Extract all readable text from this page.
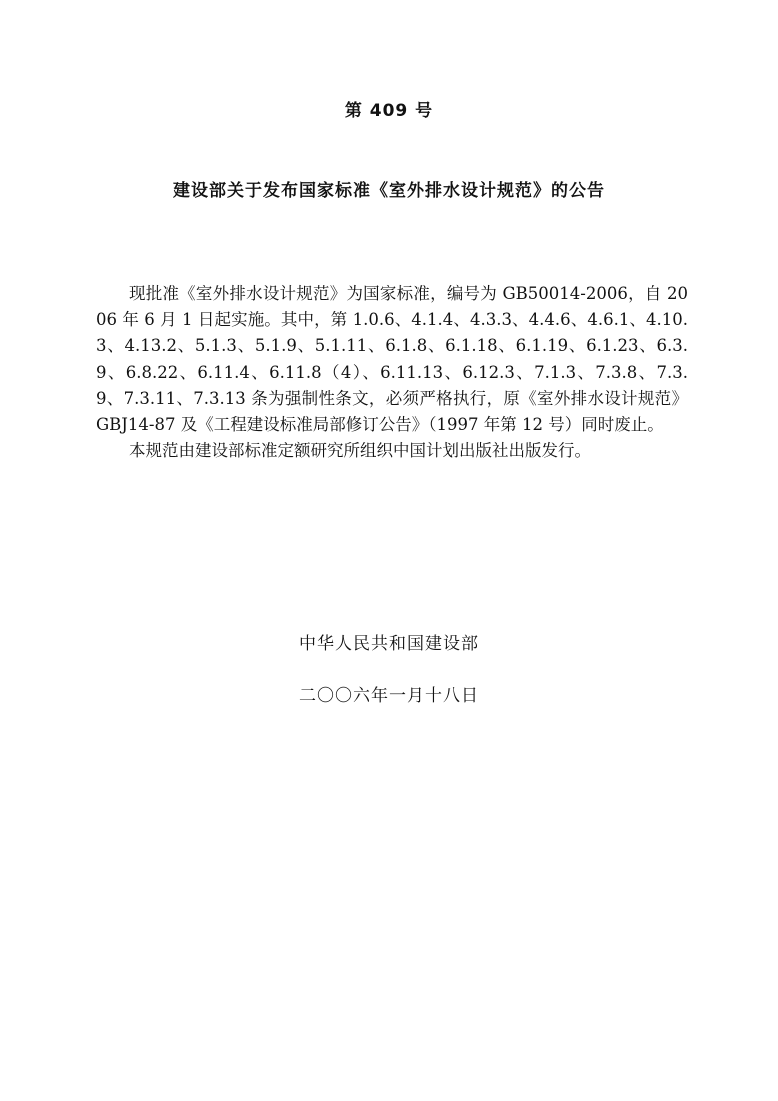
第 409 号
建设部关于发布国家标准《室外排水设计规范》的公告

现批准《室外排水设计规范》为国家标准，编号为 GB50014-2006，自 2006 年 6 月 1 日起实施。其中，第 1.0.6、4.1.4、4.3.3、4.4.6、4.6.1、4.10.3、4.13.2、5.1.3、5.1.9、5.1.11、6.1.8、6.1.18、6.1.19、6.1.23、6.3.9、6.8.22、6.11.4、6.11.8（4）、6.11.13、6.12.3、7.1.3、7.3.8、7.3.9、7.3.11、7.3.13 条为强制性条文，必须严格执行，原《室外排水设计规范》GBJ14-87 及《工程建设标准局部修订公告》（1997 年第 12 号）同时废止。

本规范由建设部标准定额研究所组织中国计划出版社出版发行。

中华人民共和国建设部
二〇〇六年一月十八日
